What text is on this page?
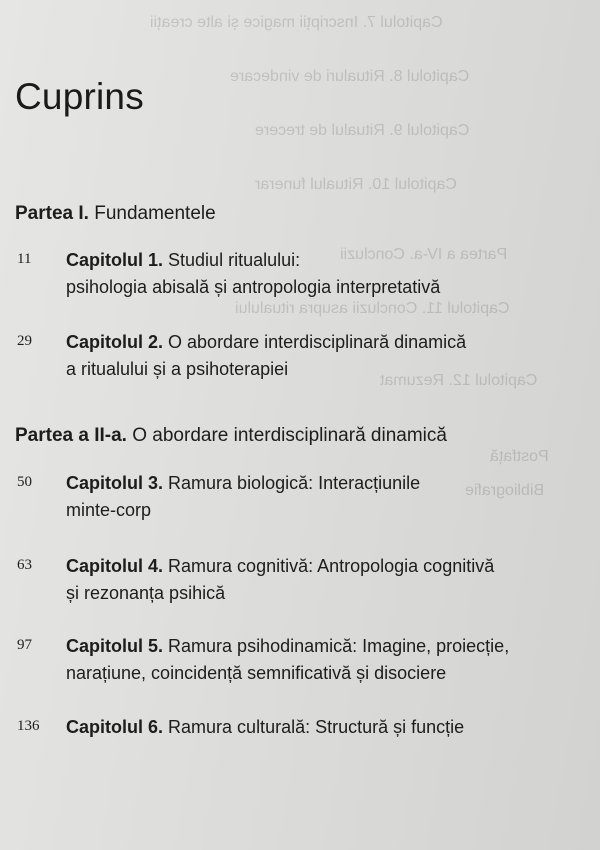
Capitolul 7. Inscripții magice și alte creații
Capitolul 8. Ritualuri de vindecare
Capitolul 9. Ritualul de trecere
Capitolul 10. Ritualul funerar
Partea a IV-a. Concluzii
Capitolul 11. Concluzii asupra ritualului
Capitolul 12. Rezumat
Postfață
Bibliografie
Cuprins
Partea I. Fundamentele
11 Capitolul 1. Studiul ritualului:
psihologia abisală și antropologia interpretativă
29 Capitolul 2. O abordare interdisciplinară dinamică
a ritualului și a psihoterapiei
Partea a II-a. O abordare interdisciplinară dinamică
50 Capitolul 3. Ramura biologică: Interacțiunile
minte-corp
63 Capitolul 4. Ramura cognitivă: Antropologia cognitivă
și rezonanța psihică
97 Capitolul 5. Ramura psihodinamică: Imagine, proiecție,
narațiune, coincidență semnificativă și disociere
136 Capitolul 6. Ramura culturală: Structură și funcție
